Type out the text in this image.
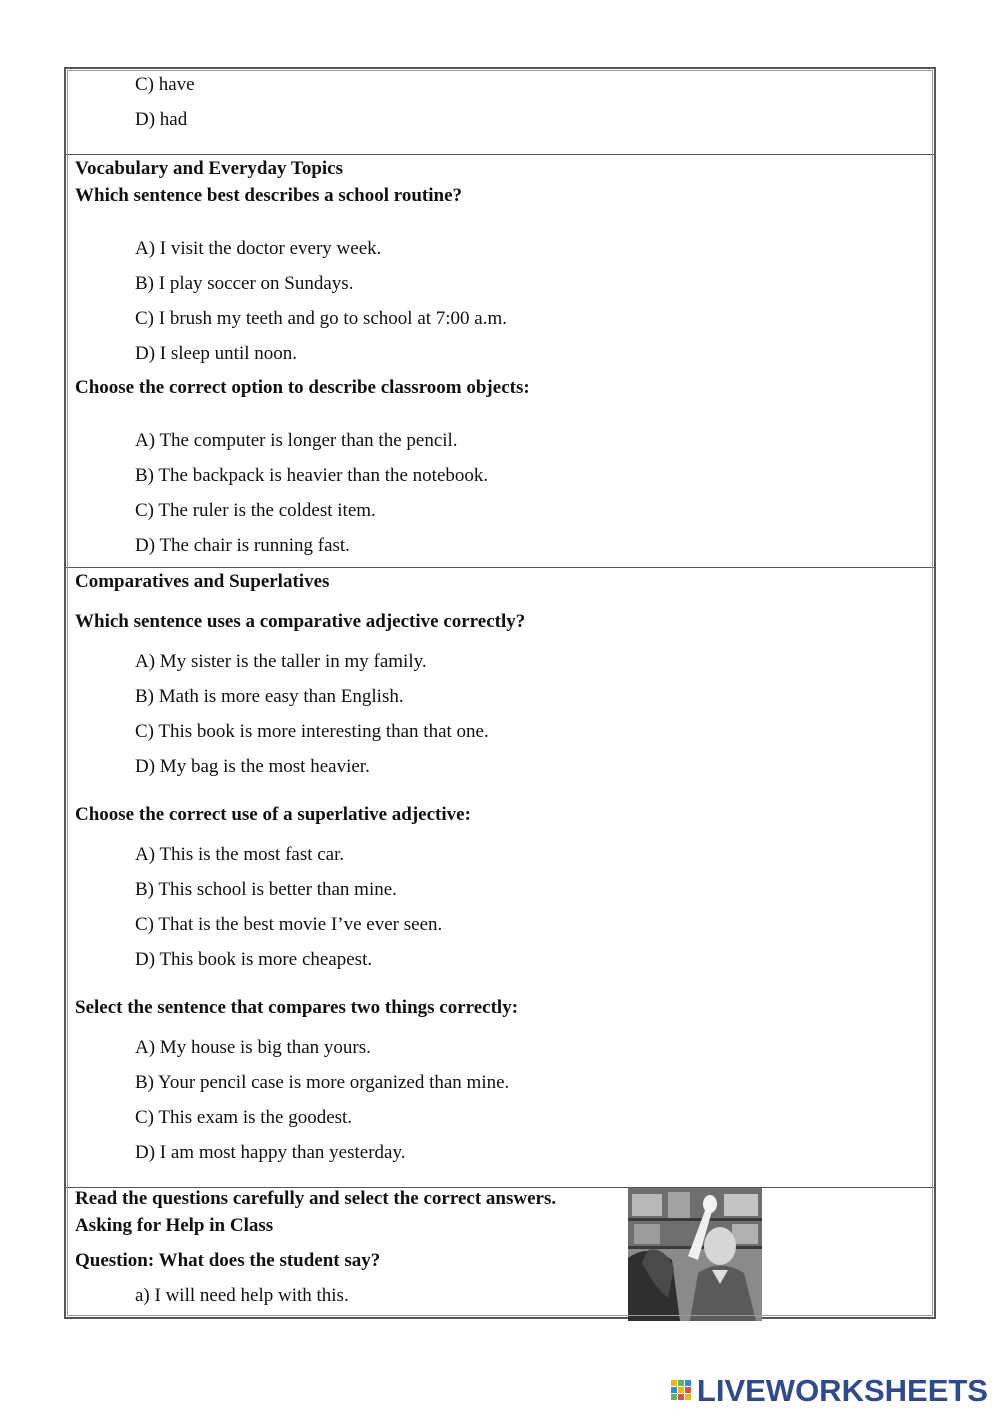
C) have
D) had
Vocabulary and Everyday Topics
Which sentence best describes a school routine?
A) I visit the doctor every week.
B) I play soccer on Sundays.
C) I brush my teeth and go to school at 7:00 a.m.
D) I sleep until noon.
Choose the correct option to describe classroom objects:
A) The computer is longer than the pencil.
B) The backpack is heavier than the notebook.
C) The ruler is the coldest item.
D) The chair is running fast.
Comparatives and Superlatives
Which sentence uses a comparative adjective correctly?
A) My sister is the taller in my family.
B) Math is more easy than English.
C) This book is more interesting than that one.
D) My bag is the most heavier.
Choose the correct use of a superlative adjective:
A) This is the most fast car.
B) This school is better than mine.
C) That is the best movie I’ve ever seen.
D) This book is more cheapest.
Select the sentence that compares two things correctly:
A) My house is big than yours.
B) Your pencil case is more organized than mine.
C) This exam is the goodest.
D) I am most happy than yesterday.
Read the questions carefully and select the correct answers.
Asking for Help in Class
Question: What does the student say?
a) I will need help with this.
LIVEWORKSHEETS
